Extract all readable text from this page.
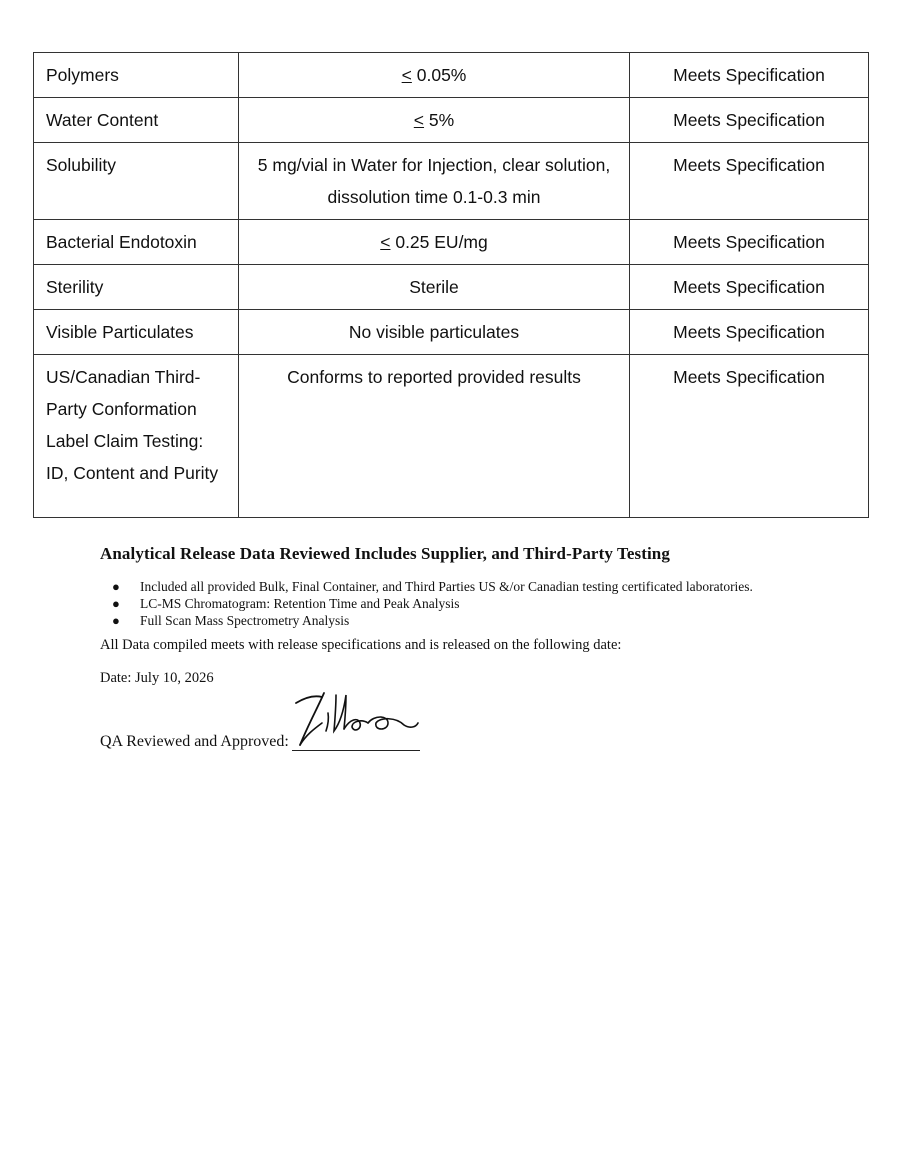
Polymers	≤ 0.05%	Meets Specification
Water Content	≤ 5%	Meets Specification
Solubility	5 mg/vial in Water for Injection, clear solution, dissolution time 0.1-0.3 min	Meets Specification
Bacterial Endotoxin	≤ 0.25 EU/mg	Meets Specification
Sterility	Sterile	Meets Specification
Visible Particulates	No visible particulates	Meets Specification
US/Canadian Third-Party Conformation Label Claim Testing: ID, Content and Purity	Conforms to reported provided results	Meets Specification
Analytical Release Data Reviewed Includes Supplier, and Third-Party Testing
● Included all provided Bulk, Final Container, and Third Parties US &/or Canadian testing certificated laboratories.
● LC-MS Chromatogram: Retention Time and Peak Analysis
● Full Scan Mass Spectrometry Analysis

All Data compiled meets with release specifications and is released on the following date:

Date: July 10, 2026

QA Reviewed and Approved:
